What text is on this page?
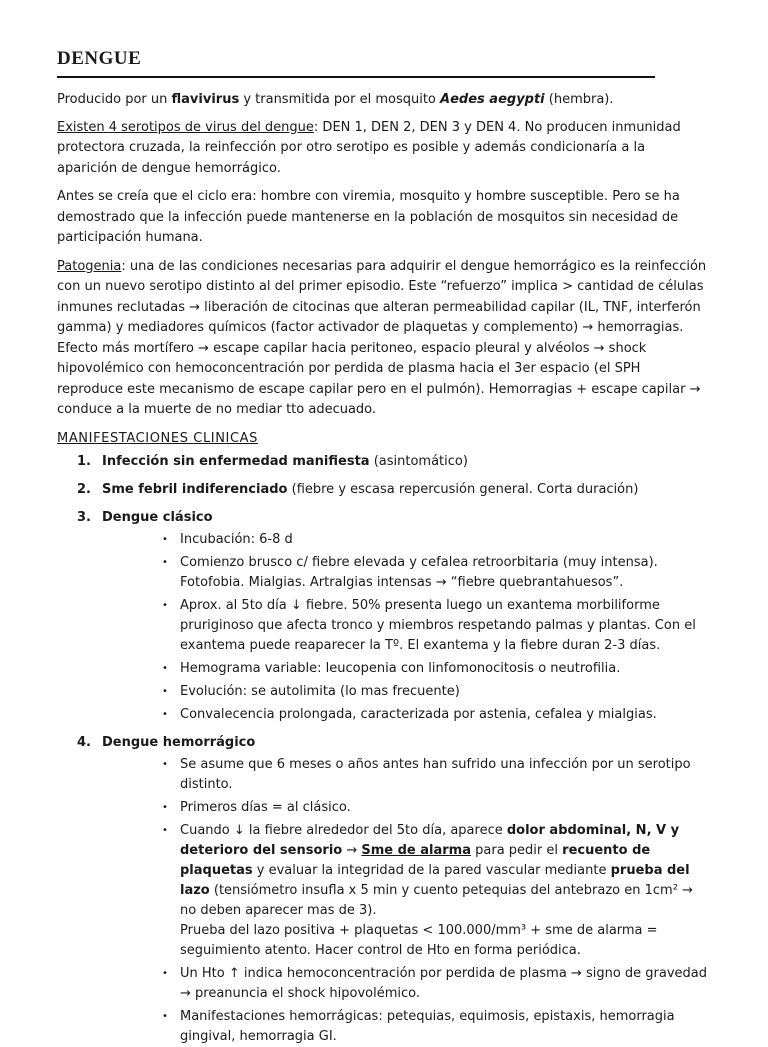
DENGUE

Producido por un flavivirus y transmitida por el mosquito Aedes aegypti (hembra).

Existen 4 serotipos de virus del dengue: DEN 1, DEN 2, DEN 3 y DEN 4. No producen inmunidad protectora cruzada, la reinfección por otro serotipo es posible y además condicionaría a la aparición de dengue hemorrágico.

Antes se creía que el ciclo era: hombre con viremia, mosquito y hombre susceptible. Pero se ha demostrado que la infección puede mantenerse en la población de mosquitos sin necesidad de participación humana.

Patogenia: una de las condiciones necesarias para adquirir el dengue hemorrágico es la reinfección con un nuevo serotipo distinto al del primer episodio. Este “refuerzo” implica > cantidad de células inmunes reclutadas → liberación de citocinas que alteran permeabilidad capilar (IL, TNF, interferón gamma) y mediadores químicos (factor activador de plaquetas y complemento) → hemorragias. Efecto más mortífero → escape capilar hacia peritoneo, espacio pleural y alvéolos → shock hipovolémico con hemoconcentración por perdida de plasma hacia el 3er espacio (el SPH reproduce este mecanismo de escape capilar pero en el pulmón). Hemorragias + escape capilar → conduce a la muerte de no mediar tto adecuado.

MANIFESTACIONES CLINICAS
1. Infección sin enfermedad manifiesta (asintomático)
2. Sme febril indiferenciado (fiebre y escasa repercusión general. Corta duración)
3. Dengue clásico
• Incubación: 6-8 d
• Comienzo brusco c/ fiebre elevada y cefalea retroorbitaria (muy intensa). Fotofobia. Mialgias. Artralgias intensas → “fiebre quebrantahuesos”.
• Aprox. al 5to día ↓ fiebre. 50% presenta luego un exantema morbiliforme pruriginoso que afecta tronco y miembros respetando palmas y plantas. Con el exantema puede reaparecer la Tº. El exantema y la fiebre duran 2-3 días.
• Hemograma variable: leucopenia con linfomonocitosis o neutrofilia.
• Evolución: se autolimita (lo mas frecuente)
• Convalecencia prolongada, caracterizada por astenia, cefalea y mialgias.
4. Dengue hemorrágico
• Se asume que 6 meses o años antes han sufrido una infección por un serotipo distinto.
• Primeros días = al clásico.
• Cuando ↓ la fiebre alrededor del 5to día, aparece dolor abdominal, N, V y deterioro del sensorio → Sme de alarma para pedir el recuento de plaquetas y evaluar la integridad de la pared vascular mediante prueba del lazo (tensiómetro insufla x 5 min y cuento petequias del antebrazo en 1cm² → no deben aparecer mas de 3).
Prueba del lazo positiva + plaquetas < 100.000/mm³ + sme de alarma = seguimiento atento. Hacer control de Hto en forma periódica.
• Un Hto ↑ indica hemoconcentración por perdida de plasma → signo de gravedad → preanuncia el shock hipovolémico.
• Manifestaciones hemorrágicas: petequias, equimosis, epistaxis, hemorragia gingival, hemorragia GI.
